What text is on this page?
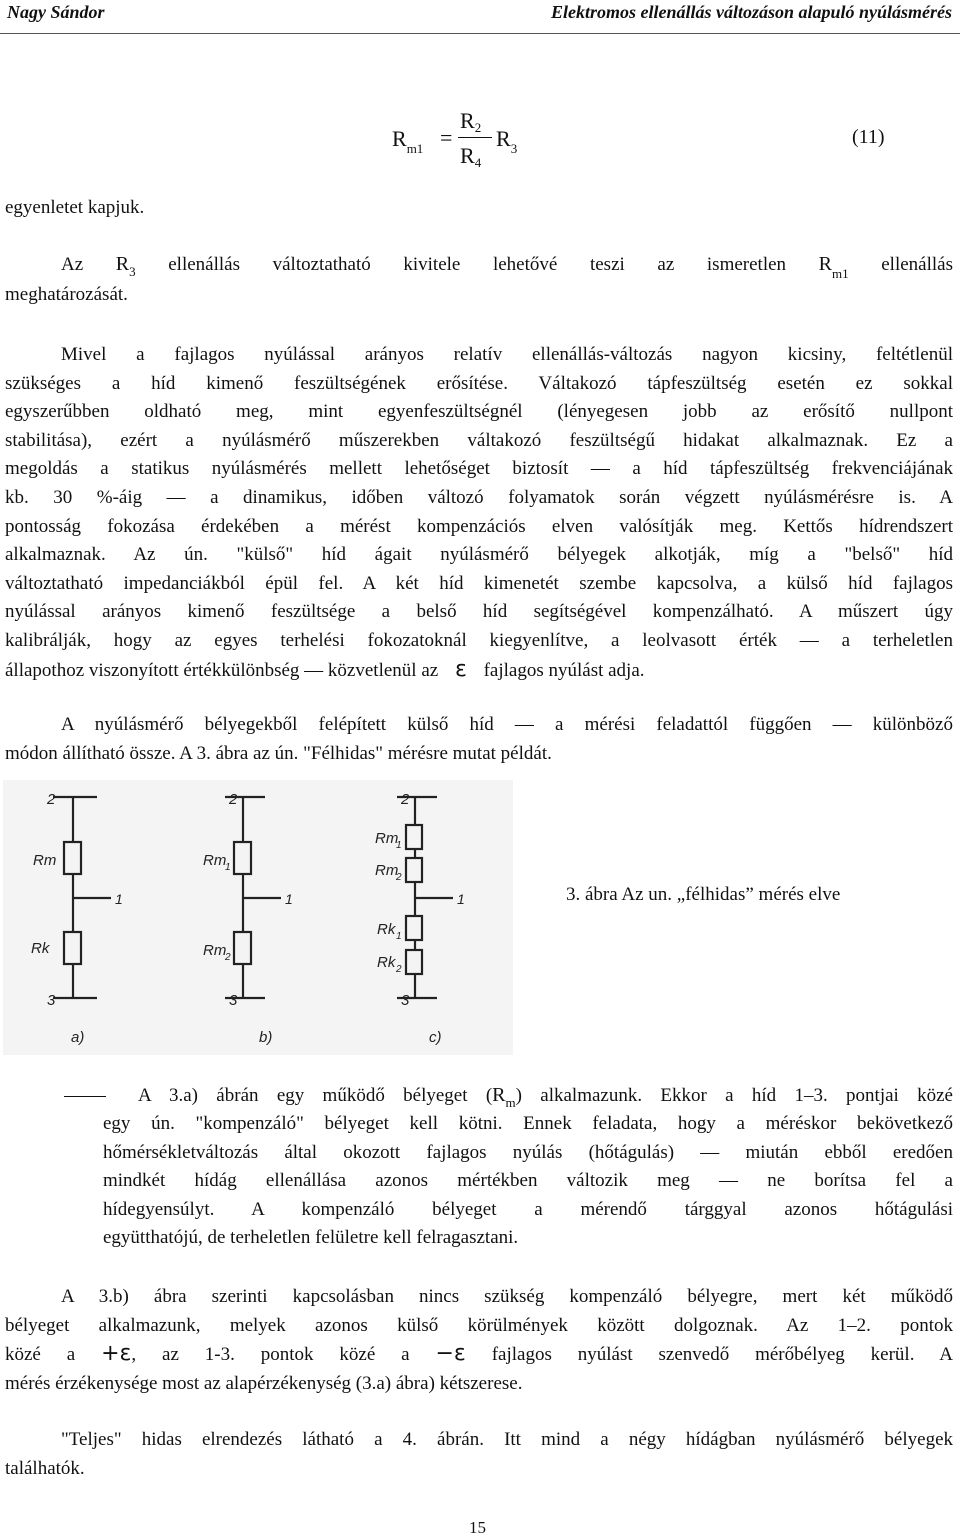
Nagy Sándor	Elektromos ellenállás változáson alapuló nyúlásmérés
$R_{m1}$ =
R2
R4
$R_3$
(11)
egyenletet kapjuk.
Az $R_3$ ellenállás változtatható kivitele lehetővé teszi az ismeretlen $R_{m1}$ ellenállás
meghatározását.
Mivel a fajlagos nyúlással arányos relatív ellenállás-változás nagyon kicsiny, feltétlenül
szükséges a híd kimenő feszültségének erősítése. Váltakozó tápfeszültség esetén ez sokkal
egyszerűbben oldható meg, mint egyenfeszültségnél (lényegesen jobb az erősítő nullpont
stabilitása), ezért a nyúlásmérő műszerekben váltakozó feszültségű hidakat alkalmaznak. Ez a
megoldás a statikus nyúlásmérés mellett lehetőséget biztosít — a híd tápfeszültség frekvenciájának
kb. 30 %-áig — a dinamikus, időben változó folyamatok során végzett nyúlásmérésre is. A
pontosság fokozása érdekében a mérést kompenzációs elven valósítják meg. Kettős hídrendszert
alkalmaznak. Az ún. "külső" híd ágait nyúlásmérő bélyegek alkotják, míg a "belső" híd
változtatható impedanciákból épül fel. A két híd kimenetét szembe kapcsolva, a külső híd fajlagos
nyúlással arányos kimenő feszültsége a belső híd segítségével kompenzálható. A műszert úgy
kalibrálják, hogy az egyes terhelési fokozatoknál kiegyenlítve, a leolvasott érték — a terheletlen
állapothoz viszonyított értékkülönbség — közvetlenül az ε fajlagos nyúlást adja.
A nyúlásmérő bélyegekből felépített külső híd — a mérési feladattól függően — különböző
módon állítható össze. A 3. ábra az ún. "Félhidas" mérésre mutat példát.
2
1
3
Rm
Rk
a)
2
1
3
Rm
1
Rm
2
b)
2
1
3
Rm
1
Rm
2
Rk 1
Rk 2
c)
3. ábra Az un. „félhidas” mérés elve
A 3.a) ábrán egy működő bélyeget $(R_m)$ alkalmazunk. Ekkor a híd 1–3. pontjai közé
egy ún. "kompenzáló" bélyeget kell kötni. Ennek feladata, hogy a méréskor bekövetkező
hőmérsékletváltozás által okozott fajlagos nyúlás (hőtágulás) — miután ebből eredően
mindkét hídág ellenállása azonos mértékben változik meg — ne borítsa fel a
hídegyensúlyt. A kompenzáló bélyeget a mérendő tárggyal azonos hőtágulási
együtthatójú, de terheletlen felületre kell felragasztani.
A 3.b) ábra szerinti kapcsolásban nincs szükség kompenzáló bélyegre, mert két működő
bélyeget alkalmazunk, melyek azonos külső körülmények között dolgoznak. Az 1–2. pontok
közé a +ε, az 1-3. pontok közé a −ε fajlagos nyúlást szenvedő mérőbélyeg kerül. A
mérés érzékenysége most az alapérzékenység (3.a) ábra) kétszerese.
"Teljes" hidas elrendezés látható a 4. ábrán. Itt mind a négy hídágban nyúlásmérő bélyegek
találhatók.
15
